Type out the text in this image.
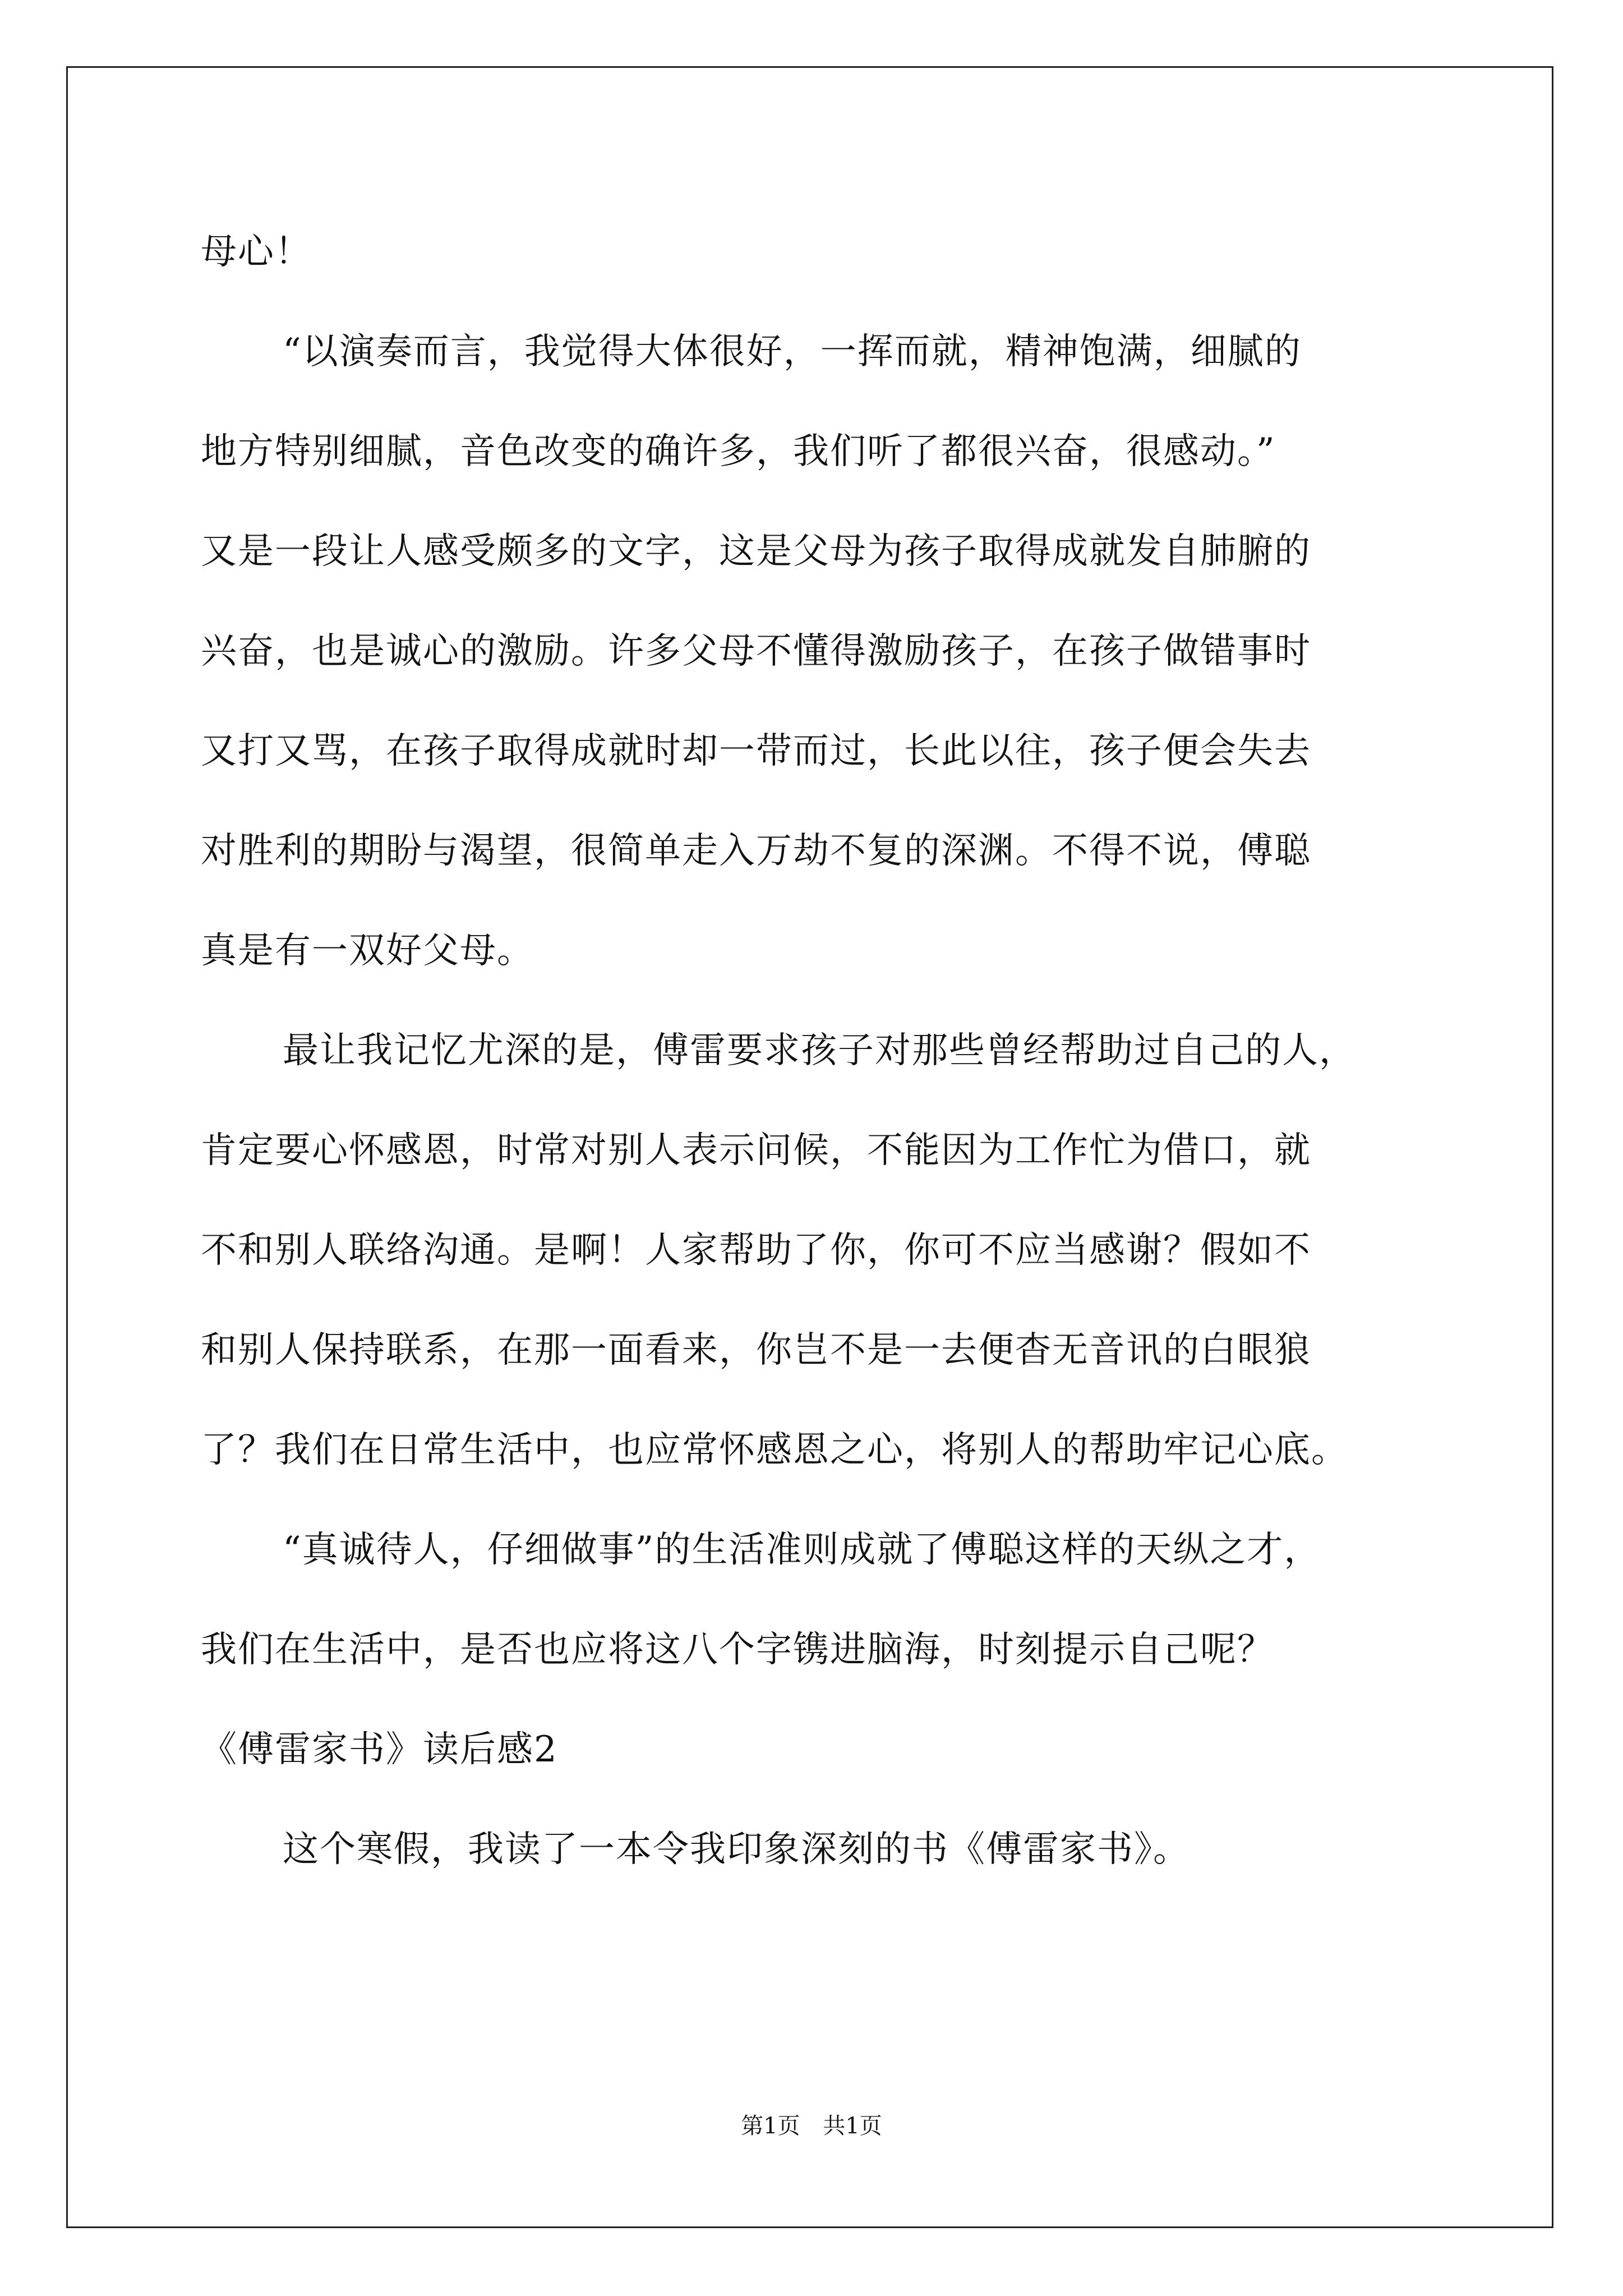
母心！
“以演奏而言，我觉得大体很好，一挥而就，精神饱满，细腻的
地方特别细腻，音色改变的确许多，我们听了都很兴奋，很感动。”
又是一段让人感受颇多的文字，这是父母为孩子取得成就发自肺腑的
兴奋，也是诚心的激励。许多父母不懂得激励孩子，在孩子做错事时
又打又骂，在孩子取得成就时却一带而过，长此以往，孩子便会失去
对胜利的期盼与渴望，很简单走入万劫不复的深渊。不得不说，傅聪
真是有一双好父母。
最让我记忆尤深的是，傅雷要求孩子对那些曾经帮助过自己的人，
肯定要心怀感恩，时常对别人表示问候，不能因为工作忙为借口，就
不和别人联络沟通。是啊！人家帮助了你，你可不应当感谢？假如不
和别人保持联系，在那一面看来，你岂不是一去便杳无音讯的白眼狼
了？我们在日常生活中，也应常怀感恩之心，将别人的帮助牢记心底。
“真诚待人，仔细做事”的生活准则成就了傅聪这样的天纵之才，
我们在生活中，是否也应将这八个字镌进脑海，时刻提示自己呢？
《傅雷家书》读后感2
这个寒假，我读了一本令我印象深刻的书《傅雷家书》。
第1页 共1页
